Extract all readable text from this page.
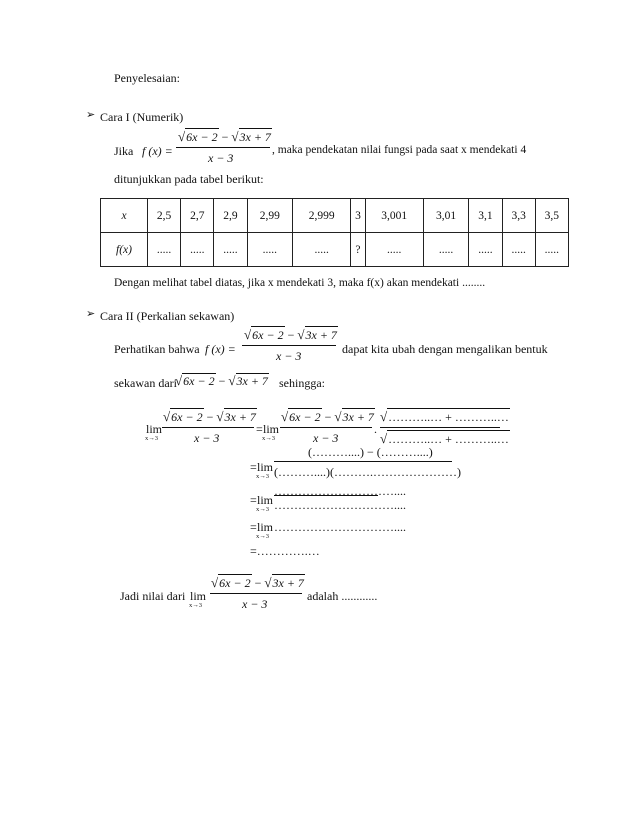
Penyelesaian:
➢ Cara I (Numerik)
Jika f (x) =
√6x − 2 − √3x + 7
x − 3
, maka pendekatan nilai fungsi pada saat x mendekati 4
ditunjukkan pada tabel berikut:
x	2,5	2,7	2,9	2,99	2,999	3	3,001	3,01	3,1	3,3	3,5
f(x)	.....	.....	.....	.....	.....	?	.....	.....	.....	.....	.....
Dengan melihat tabel diatas, jika x mendekati 3, maka f(x) akan mendekati ........
➢ Cara II (Perkalian sekawan)
Perhatikan bahwa f (x) =
√6x − 2 − √3x + 7
x − 3	dapat kita ubah dengan mengalikan bentuk
sekawan dari
√6x − 2 − √3x + 7 sehingga:
lim
x→3
√6x − 2 − √3x + 7
x − 3
= lim
x→3
√6x − 2 − √3x + 7
x − 3
.
√………..… + ………..…
√………..… + ………..…
= lim
x→3
(………....) − (………....)
(………....)(……….…………………)
= lim
x→3
…………………………....
…………………………....
= lim
x→3
…………………………....
=………….…
Jadi nilai dari lim
x→3
√6x − 2 − √3x + 7
x − 3
adalah ............
